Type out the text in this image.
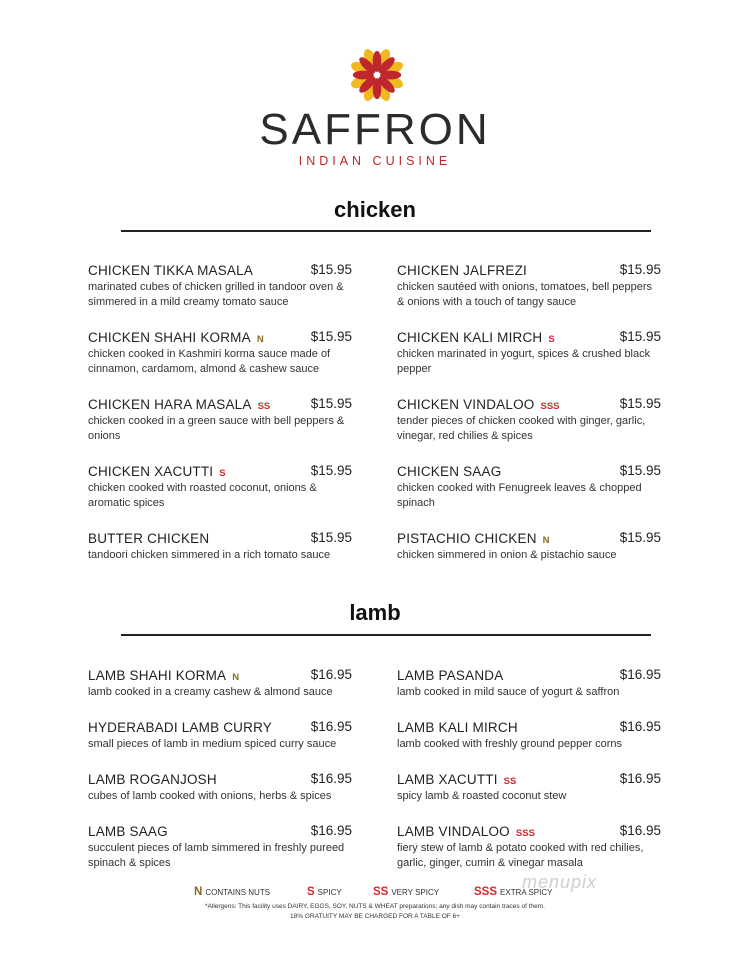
SAFFRON
INDIAN CUISINE
chicken
CHICKEN TIKKA MASALA	$15.95
marinated cubes of chicken grilled in tandoor oven & simmered in a mild creamy tomato sauce
CHICKEN SHAHI KORMA N	$15.95
chicken cooked in Kashmiri korma sauce made of cinnamon, cardamom, almond & cashew sauce
CHICKEN HARA MASALA SS	$15.95
chicken cooked in a green sauce with bell peppers & onions
CHICKEN XACUTTI S	$15.95
chicken cooked with roasted coconut, onions & aromatic spices
BUTTER CHICKEN	$15.95
tandoori chicken simmered in a rich tomato sauce
CHICKEN JALFREZI	$15.95
chicken sautéed with onions, tomatoes, bell peppers & onions with a touch of tangy sauce
CHICKEN KALI MIRCH S	$15.95
chicken marinated in yogurt, spices & crushed black pepper
CHICKEN VINDALOO SSS	$15.95
tender pieces of chicken cooked with ginger, garlic, vinegar, red chilies & spices
CHICKEN SAAG	$15.95
chicken cooked with Fenugreek leaves & chopped spinach
PISTACHIO CHICKEN N	$15.95
chicken simmered in onion & pistachio sauce
lamb
LAMB SHAHI KORMA N	$16.95
lamb cooked in a creamy cashew & almond sauce
HYDERABADI LAMB CURRY	$16.95
small pieces of lamb in medium spiced curry sauce
LAMB ROGANJOSH	$16.95
cubes of lamb cooked with onions, herbs & spices
LAMB SAAG	$16.95
succulent pieces of lamb simmered in freshly pureed spinach & spices
LAMB PASANDA	$16.95
lamb cooked in mild sauce of yogurt & saffron
LAMB KALI MIRCH	$16.95
lamb cooked with freshly ground pepper corns
LAMB XACUTTI SS	$16.95
spicy lamb & roasted coconut stew
LAMB VINDALOO SSS	$16.95
fiery stew of lamb & potato cooked with red chilies, garlic, ginger, cumin & vinegar masala
N CONTAINS NUTS	S SPICY	SS VERY SPICY	SSS EXTRA SPICY
*Allergens: This facility uses DAIRY, EGGS, SOY, NUTS & WHEAT preparations; any dish may contain traces of them.
18% GRATUITY MAY BE CHARGED FOR A TABLE OF 6+
menupix
